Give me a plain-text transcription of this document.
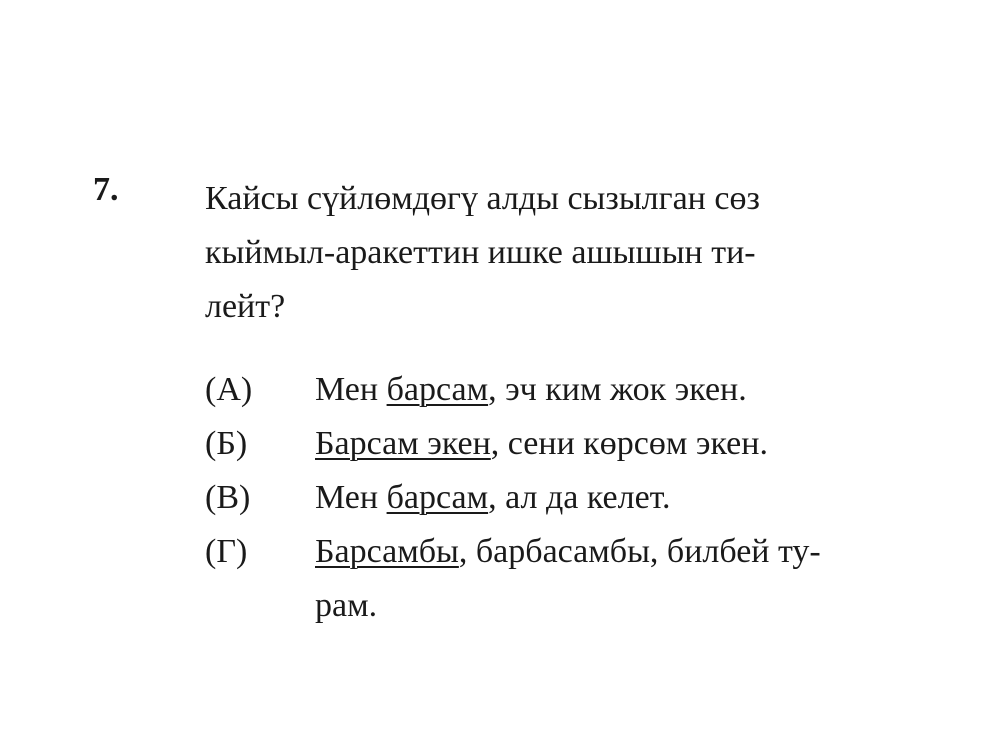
7.	Кайсы сүйлөмдөгү алды сызылган сөз
кыймыл-аракеттин ишке ашышын ти-
лейт?

(А) Мен барсам, эч ким жок экен.
(Б) Барсам экен, сени көрсөм экен.
(В) Мен барсам, ал да келет.
(Г) Барсамбы, барбасамбы, билбей ту-
рам.
